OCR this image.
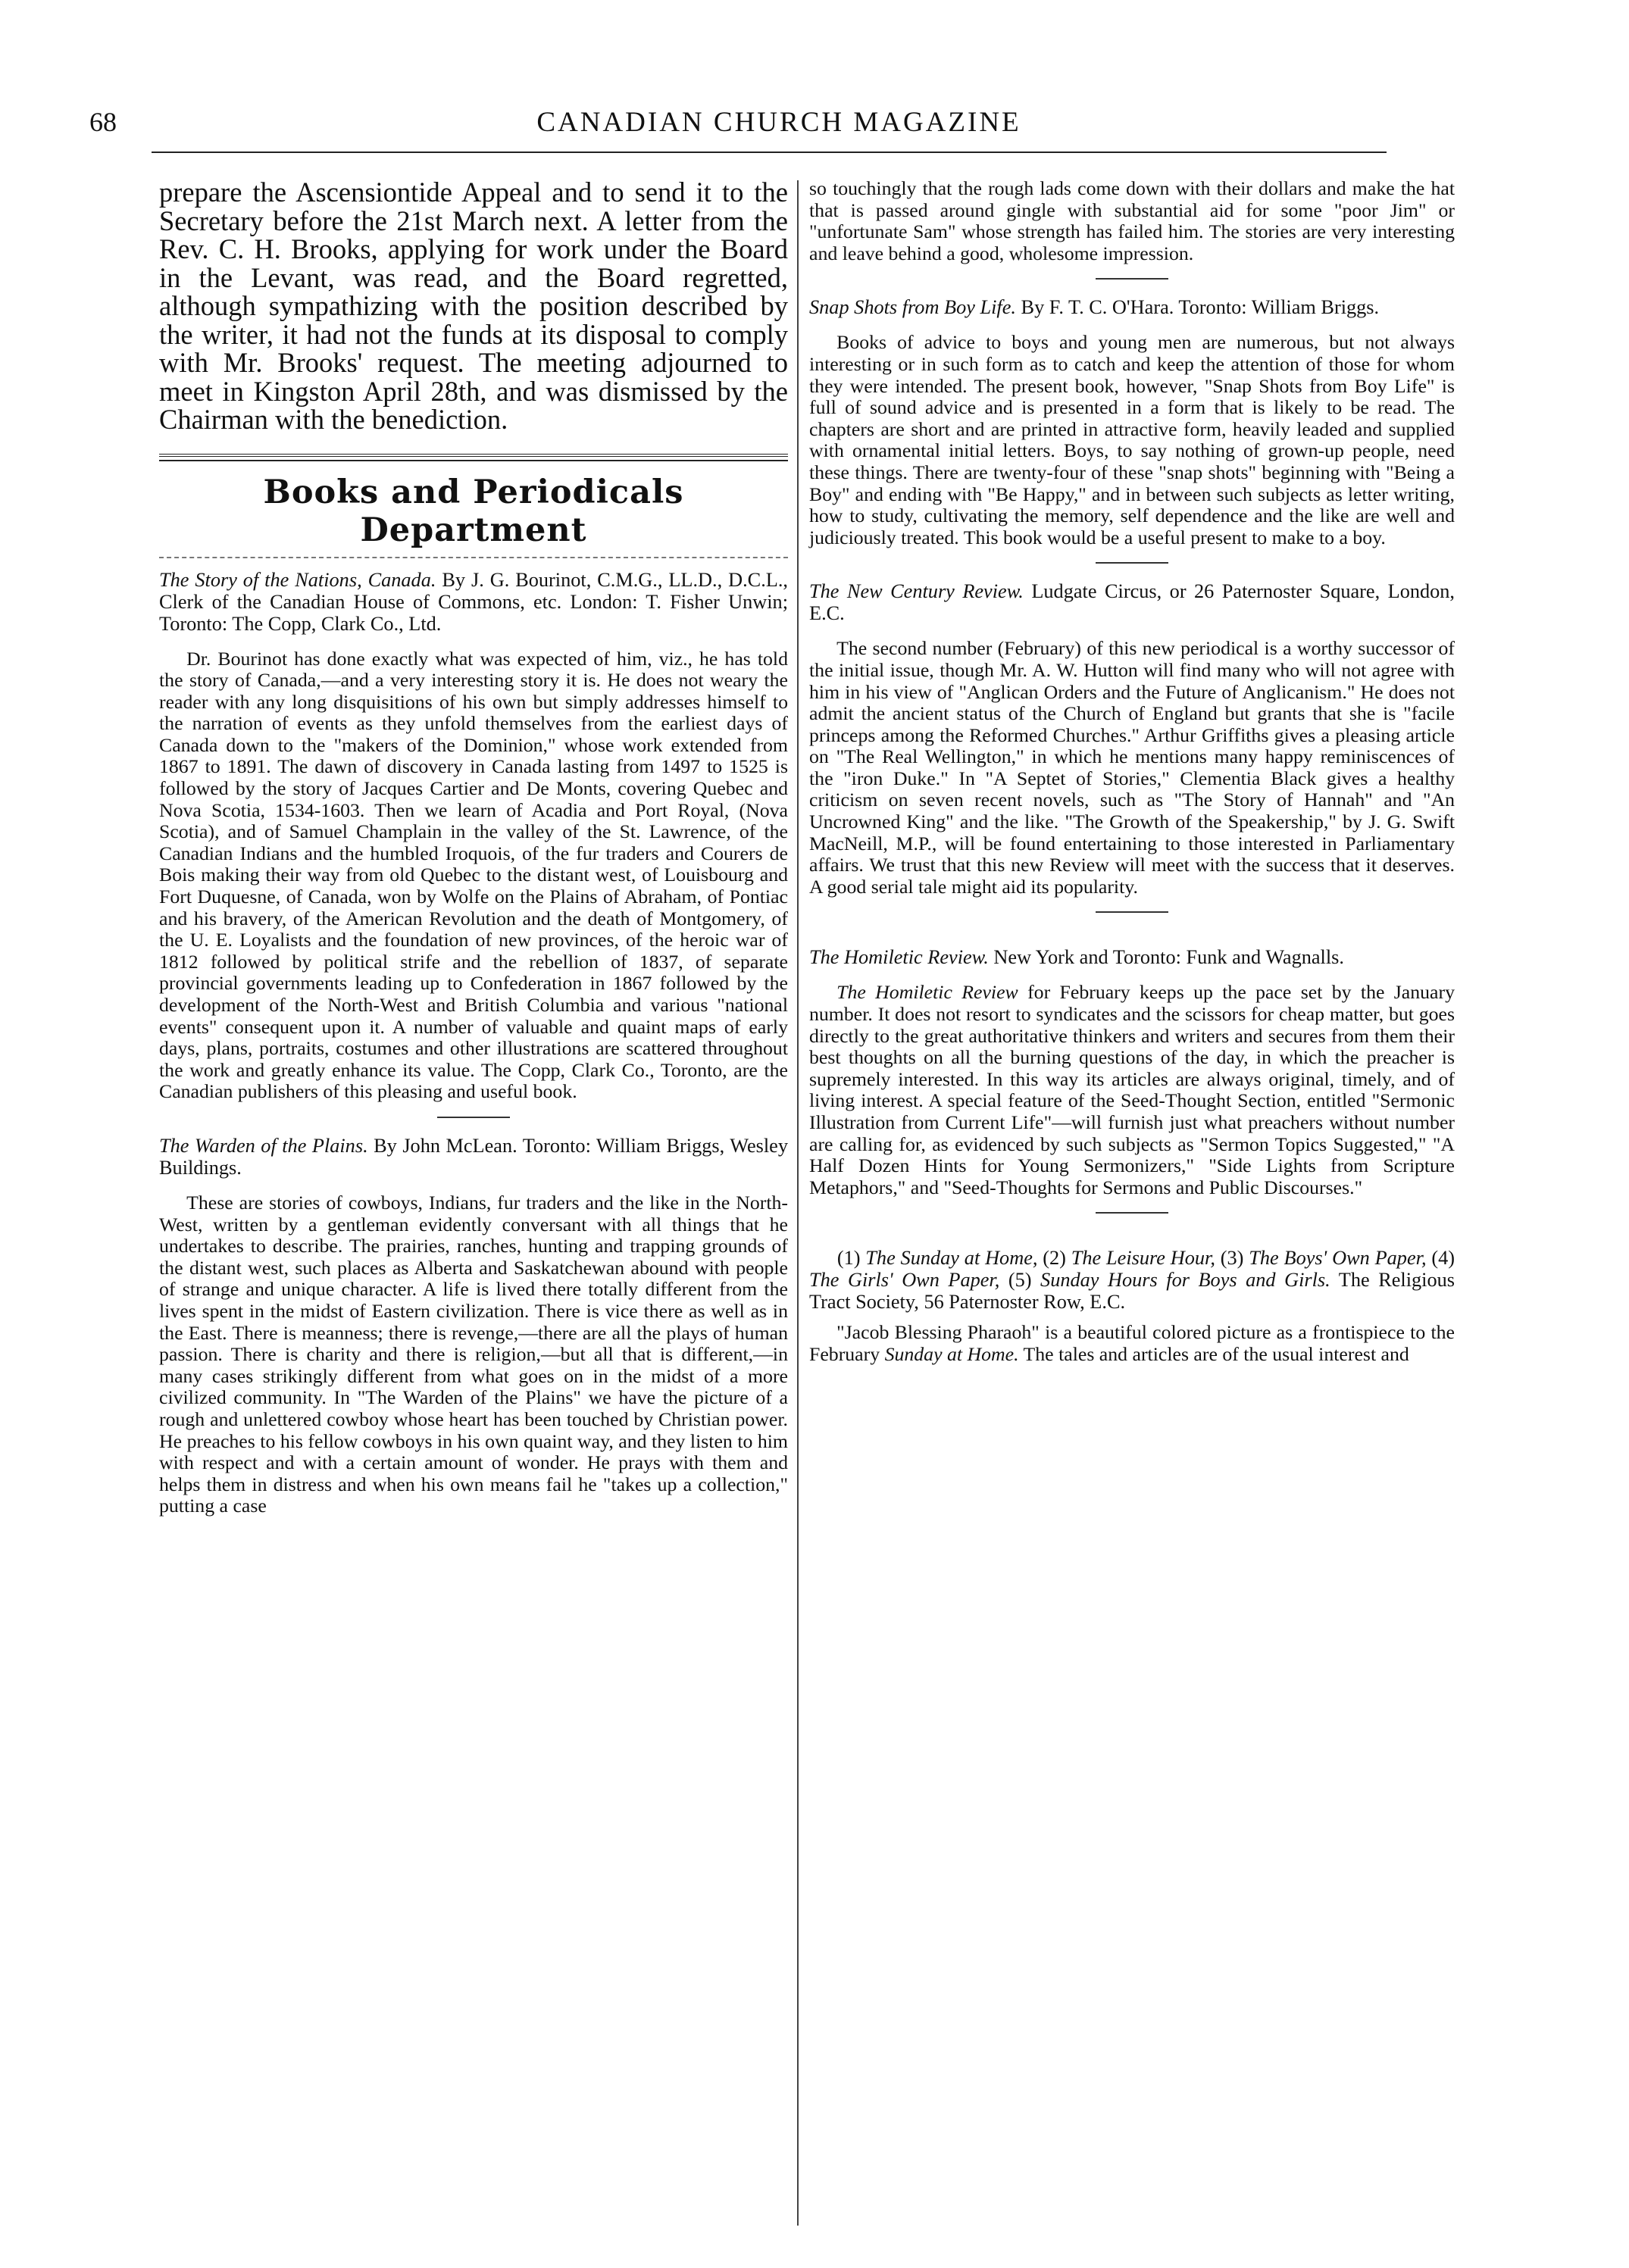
68	CANADIAN CHURCH MAGAZINE

prepare the Ascensiontide Appeal and to send it to the Secretary before the 21st March next. A letter from the Rev. C. H. Brooks, applying for work under the Board in the Levant, was read, and the Board regretted, although sympathizing with the position described by the writer, it had not the funds at its disposal to comply with Mr. Brooks' request. The meeting adjourned to meet in Kingston April 28th, and was dismissed by the Chairman with the benediction.

Books and Periodicals Department

The Story of the Nations, Canada. By J. G. Bourinot, C.M.G., LL.D., D.C.L., Clerk of the Canadian House of Commons, etc. London: T. Fisher Unwin; Toronto: The Copp, Clark Co., Ltd.

Dr. Bourinot has done exactly what was expected of him, viz., he has told the story of Canada,—and a very interesting story it is. He does not weary the reader with any long disquisitions of his own but simply addresses himself to the narration of events as they unfold themselves from the earliest days of Canada down to the "makers of the Dominion," whose work extended from 1867 to 1891. The dawn of discovery in Canada lasting from 1497 to 1525 is followed by the story of Jacques Cartier and De Monts, covering Quebec and Nova Scotia, 1534-1603. Then we learn of Acadia and Port Royal, (Nova Scotia), and of Samuel Champlain in the valley of the St. Lawrence, of the Canadian Indians and the humbled Iroquois, of the fur traders and Courers de Bois making their way from old Quebec to the distant west, of Louisbourg and Fort Duquesne, of Canada, won by Wolfe on the Plains of Abraham, of Pontiac and his bravery, of the American Revolution and the death of Montgomery, of the U. E. Loyalists and the foundation of new provinces, of the heroic war of 1812 followed by political strife and the rebellion of 1837, of separate provincial governments leading up to Confederation in 1867 followed by the development of the North-West and British Columbia and various "national events" consequent upon it. A number of valuable and quaint maps of early days, plans, portraits, costumes and other illustrations are scattered throughout the work and greatly enhance its value. The Copp, Clark Co., Toronto, are the Canadian publishers of this pleasing and useful book.

The Warden of the Plains. By John McLean. Toronto: William Briggs, Wesley Buildings.

These are stories of cowboys, Indians, fur traders and the like in the North-West, written by a gentleman evidently conversant with all things that he undertakes to describe. The prairies, ranches, hunting and trapping grounds of the distant west, such places as Alberta and Saskatchewan abound with people of strange and unique character. A life is lived there totally different from the lives spent in the midst of Eastern civilization. There is vice there as well as in the East. There is meanness; there is revenge,—there are all the plays of human passion. There is charity and there is religion,—but all that is different,—in many cases strikingly different from what goes on in the midst of a more civilized community. In "The Warden of the Plains" we have the picture of a rough and unlettered cowboy whose heart has been touched by Christian power. He preaches to his fellow cowboys in his own quaint way, and they listen to him with respect and with a certain amount of wonder. He prays with them and helps them in distress and when his own means fail he "takes up a collection," putting a case

so touchingly that the rough lads come down with their dollars and make the hat that is passed around gingle with substantial aid for some "poor Jim" or "unfortunate Sam" whose strength has failed him. The stories are very interesting and leave behind a good, wholesome impression.

Snap Shots from Boy Life. By F. T. C. O'Hara. Toronto: William Briggs.

Books of advice to boys and young men are numerous, but not always interesting or in such form as to catch and keep the attention of those for whom they were intended. The present book, however, "Snap Shots from Boy Life" is full of sound advice and is presented in a form that is likely to be read. The chapters are short and are printed in attractive form, heavily leaded and supplied with ornamental initial letters. Boys, to say nothing of grown-up people, need these things. There are twenty-four of these "snap shots" beginning with "Being a Boy" and ending with "Be Happy," and in between such subjects as letter writing, how to study, cultivating the memory, self dependence and the like are well and judiciously treated. This book would be a useful present to make to a boy.

The New Century Review. Ludgate Circus, or 26 Paternoster Square, London, E.C.

The second number (February) of this new periodical is a worthy successor of the initial issue, though Mr. A. W. Hutton will find many who will not agree with him in his view of "Anglican Orders and the Future of Anglicanism." He does not admit the ancient status of the Church of England but grants that she is "facile princeps among the Reformed Churches." Arthur Griffiths gives a pleasing article on "The Real Wellington," in which he mentions many happy reminiscences of the "iron Duke." In "A Septet of Stories," Clementia Black gives a healthy criticism on seven recent novels, such as "The Story of Hannah" and "An Uncrowned King" and the like. "The Growth of the Speakership," by J. G. Swift MacNeill, M.P., will be found entertaining to those interested in Parliamentary affairs. We trust that this new Review will meet with the success that it deserves. A good serial tale might aid its popularity.

The Homiletic Review. New York and Toronto: Funk and Wagnalls.

The Homiletic Review for February keeps up the pace set by the January number. It does not resort to syndicates and the scissors for cheap matter, but goes directly to the great authoritative thinkers and writers and secures from them their best thoughts on all the burning questions of the day, in which the preacher is supremely interested. In this way its articles are always original, timely, and of living interest. A special feature of the Seed-Thought Section, entitled "Sermonic Illustration from Current Life"—will furnish just what preachers without number are calling for, as evidenced by such subjects as "Sermon Topics Suggested," "A Half Dozen Hints for Young Sermonizers," "Side Lights from Scripture Metaphors," and "Seed-Thoughts for Sermons and Public Discourses."

(1) The Sunday at Home, (2) The Leisure Hour, (3) The Boys' Own Paper, (4) The Girls' Own Paper, (5) Sunday Hours for Boys and Girls. The Religious Tract Society, 56 Paternoster Row, E.C.

"Jacob Blessing Pharaoh" is a beautiful colored picture as a frontispiece to the February Sunday at Home. The tales and articles are of the usual interest and
